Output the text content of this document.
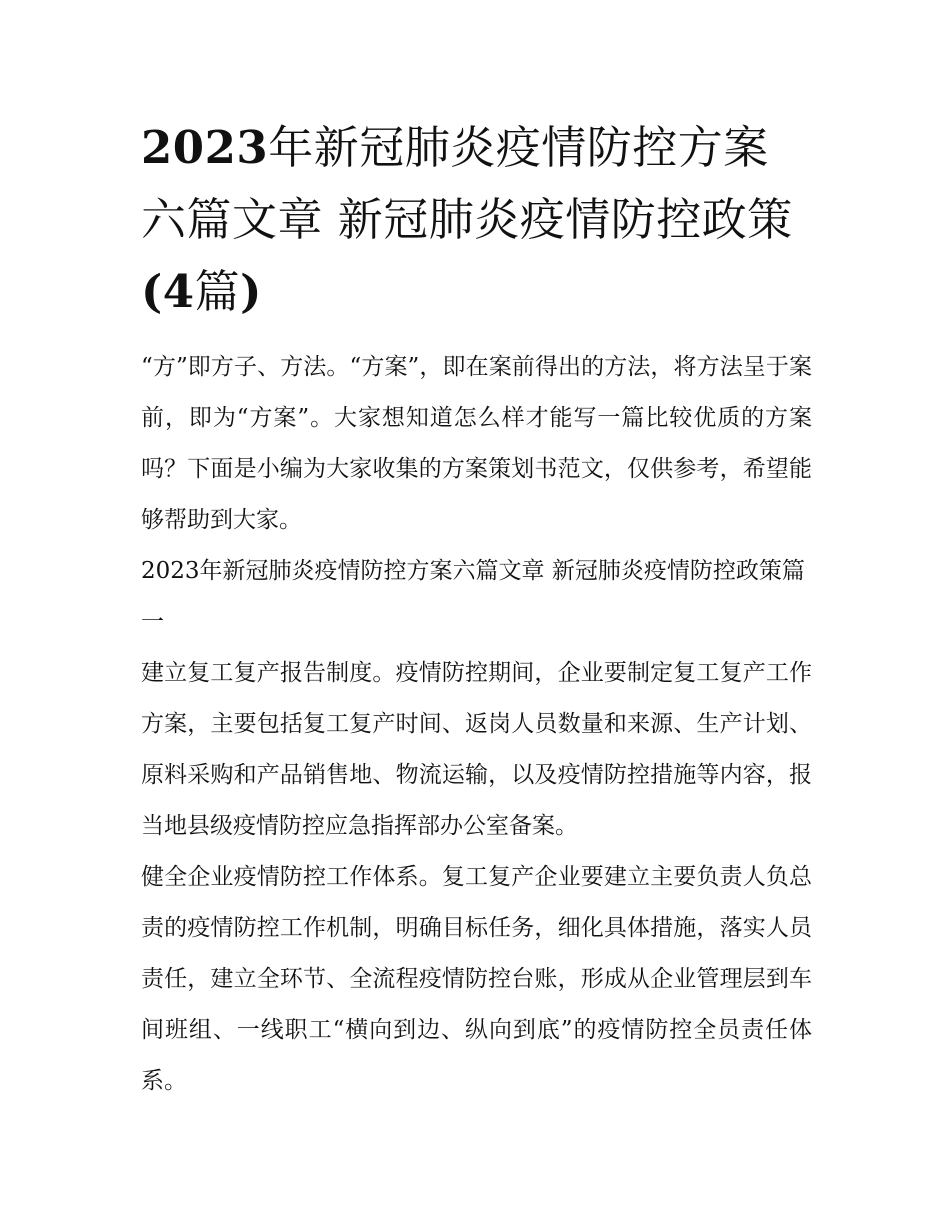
2023年新冠肺炎疫情防控方案六篇文章 新冠肺炎疫情防控政策(4篇)

“方”即方子、方法。“方案”，即在案前得出的方法，将方法呈于案前，即为“方案”。大家想知道怎么样才能写一篇比较优质的方案吗？下面是小编为大家收集的方案策划书范文，仅供参考，希望能够帮助到大家。

2023年新冠肺炎疫情防控方案六篇文章 新冠肺炎疫情防控政策篇一

建立复工复产报告制度。疫情防控期间，企业要制定复工复产工作方案，主要包括复工复产时间、返岗人员数量和来源、生产计划、原料采购和产品销售地、物流运输，以及疫情防控措施等内容，报当地县级疫情防控应急指挥部办公室备案。

健全企业疫情防控工作体系。复工复产企业要建立主要负责人负总责的疫情防控工作机制，明确目标任务，细化具体措施，落实人员责任，建立全环节、全流程疫情防控台账，形成从企业管理层到车间班组、一线职工“横向到边、纵向到底”的疫情防控全员责任体系。
